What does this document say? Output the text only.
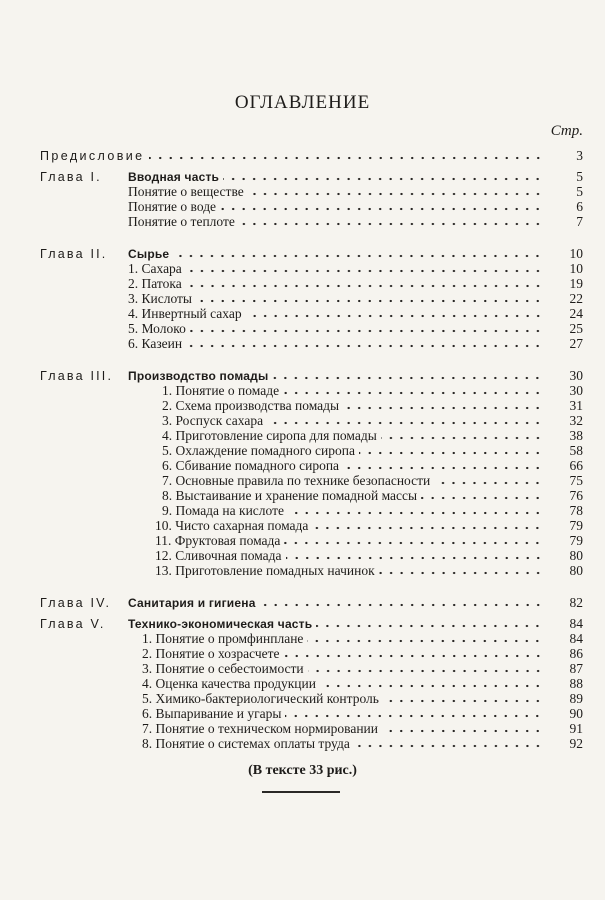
ОГЛАВЛЕНИЕ
Стр.
Предисловие	3
Глава I.	Вводная часть	5
Понятие о веществе	5
Понятие о воде	6
Понятие о теплоте	7
Глава II.	Сырье	10
1. Сахара	10
2. Патока	19
3. Кислоты	22
4. Инвертный сахар	24
5. Молоко	25
6. Казеин	27
Глава III.	Производство помады	30
1. Понятие о помаде	30
2. Схема производства помады	31
3. Роспуск сахара	32
4. Приготовление сиропа для помады	38
5. Охлаждение помадного сиропа	58
6. Сбивание помадного сиропа	66
7. Основные правила по технике безопасности	75
8. Выстаивание и хранение помадной массы	76
9. Помада на кислоте	78
10. Чисто сахарная помада	79
11. Фруктовая помада	79
12. Сливочная помада	80
13. Приготовление помадных начинок	80
Глава IV.	Санитария и гигиена	82
Глава V.	Технико-экономическая часть	84
1. Понятие о промфинплане	84
2. Понятие о хозрасчете	86
3. Понятие о себестоимости	87
4. Оценка качества продукции	88
5. Химико-бактериологический контроль	89
6. Выпаривание и угары	90
7. Понятие о техническом нормировании	91
8. Понятие о системах оплаты труда	92
(В тексте 33 рис.)
